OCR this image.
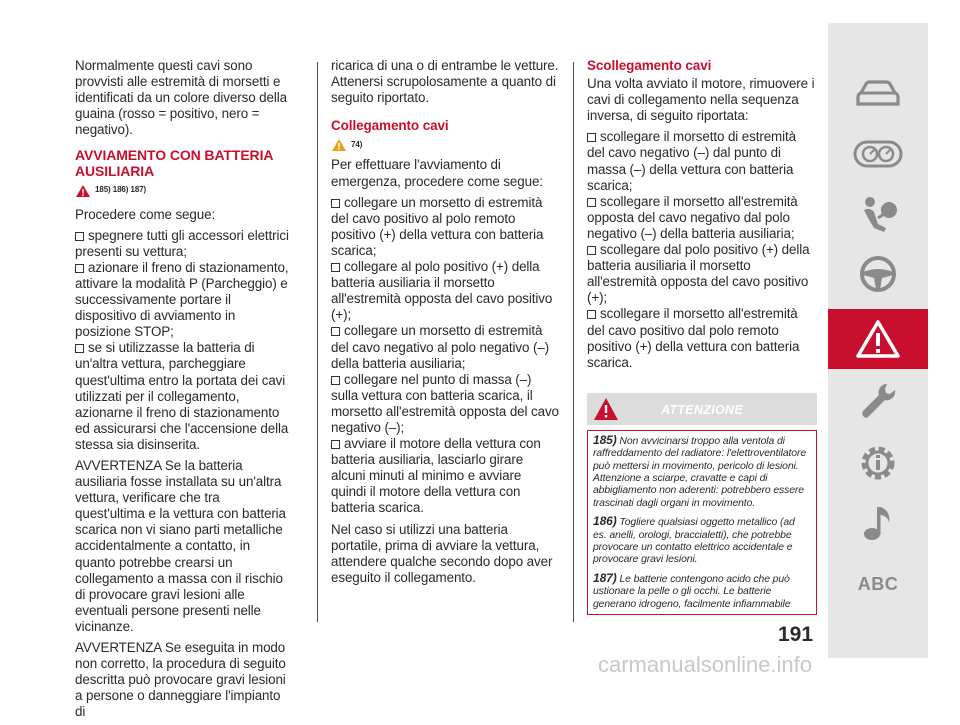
Normalmente questi cavi sono provvisti alle estremità di morsetti e identificati da un colore diverso della guaina (rosso = positivo, nero = negativo).

AVVIAMENTO CON BATTERIA AUSILIARIA
185) 186) 187)

Procedere come segue:

spegnere tutti gli accessori elettrici presenti su vettura;
azionare il freno di stazionamento, attivare la modalità P (Parcheggio) e successivamente portare il dispositivo di avviamento in posizione STOP;
se si utilizzasse la batteria di un'altra vettura, parcheggiare quest'ultima entro la portata dei cavi utilizzati per il collegamento, azionarne il freno di stazionamento ed assicurarsi che l'accensione della stessa sia disinserita.

AVVERTENZA Se la batteria ausiliaria fosse installata su un'altra vettura, verificare che tra quest'ultima e la vettura con batteria scarica non vi siano parti metalliche accidentalmente a contatto, in quanto potrebbe crearsi un collegamento a massa con il rischio di provocare gravi lesioni alle eventuali persone presenti nelle vicinanze.

AVVERTENZA Se eseguita in modo non corretto, la procedura di seguito descritta può provocare gravi lesioni a persone o danneggiare l'impianto di

ricarica di una o di entrambe le vetture. Attenersi scrupolosamente a quanto di seguito riportato.

Collegamento cavi
74)

Per effettuare l'avviamento di emergenza, procedere come segue:

collegare un morsetto di estremità del cavo positivo al polo remoto positivo (+) della vettura con batteria scarica;
collegare al polo positivo (+) della batteria ausiliaria il morsetto all'estremità opposta del cavo positivo (+);
collegare un morsetto di estremità del cavo negativo al polo negativo (–) della batteria ausiliaria;
collegare nel punto di massa (–) sulla vettura con batteria scarica, il morsetto all'estremità opposta del cavo negativo (–);
avviare il motore della vettura con batteria ausiliaria, lasciarlo girare alcuni minuti al minimo e avviare quindi il motore della vettura con batteria scarica.

Nel caso si utilizzi una batteria portatile, prima di avviare la vettura, attendere qualche secondo dopo aver eseguito il collegamento.

Scollegamento cavi

Una volta avviato il motore, rimuovere i cavi di collegamento nella sequenza inversa, di seguito riportata:

scollegare il morsetto di estremità del cavo negativo (–) dal punto di massa (–) della vettura con batteria scarica;
scollegare il morsetto all'estremità opposta del cavo negativo dal polo negativo (–) della batteria ausiliaria;
scollegare dal polo positivo (+) della batteria ausiliaria il morsetto all'estremità opposta del cavo positivo (+);
scollegare il morsetto all'estremità del cavo positivo dal polo remoto positivo (+) della vettura con batteria scarica.
ATTENZIONE

185) Non avvicinarsi troppo alla ventola di raffreddamento del radiatore: l'elettroventilatore può mettersi in movimento, pericolo di lesioni. Attenzione a sciarpe, cravatte e capi di abbigliamento non aderenti: potrebbero essere trascinati dagli organi in movimento.

186) Togliere qualsiasi oggetto metallico (ad es. anelli, orologi, braccialetti), che potrebbe provocare un contatto elettrico accidentale e provocare gravi lesioni.

187) Le batterie contengono acido che può ustionare la pelle o gli occhi. Le batterie generano idrogeno, facilmente infiammabile

191
ABC
carmanualsonline.info
